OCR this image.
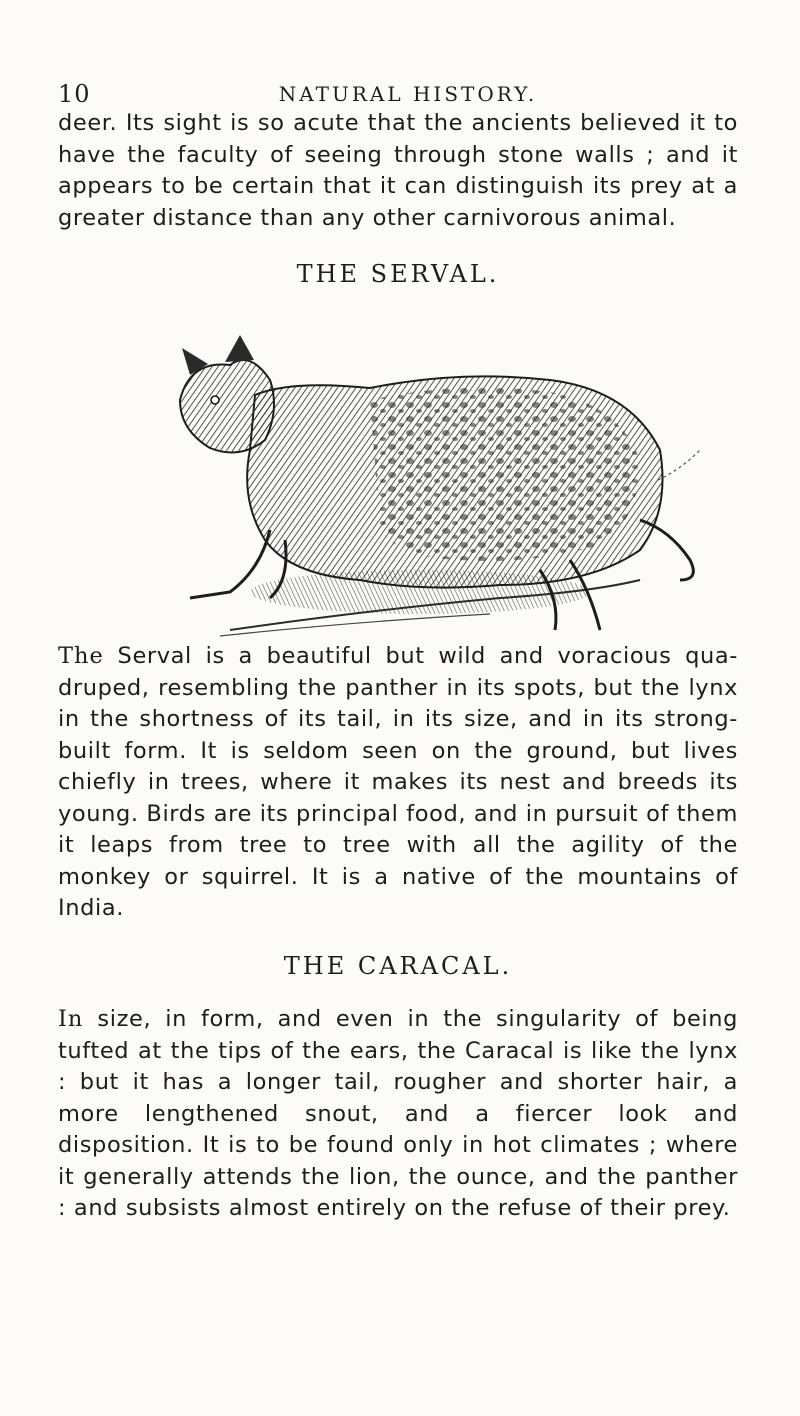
10	NATURAL HISTORY.

deer. Its sight is so acute that the ancients believed it to have the faculty of seeing through stone walls ; and it appears to be certain that it can distinguish its prey at a greater distance than any other carnivorous animal.

THE SERVAL.

The Serval is a beautiful but wild and voracious qua-druped, resembling the panther in its spots, but the lynx in the shortness of its tail, in its size, and in its strong-built form. It is seldom seen on the ground, but lives chiefly in trees, where it makes its nest and breeds its young. Birds are its principal food, and in pursuit of them it leaps from tree to tree with all the agility of the monkey or squirrel. It is a native of the mountains of India.

THE CARACAL.

In size, in form, and even in the singularity of being tufted at the tips of the ears, the Caracal is like the lynx : but it has a longer tail, rougher and shorter hair, a more lengthened snout, and a fiercer look and disposition. It is to be found only in hot climates ; where it generally attends the lion, the ounce, and the panther : and subsists almost entirely on the refuse of their prey.
